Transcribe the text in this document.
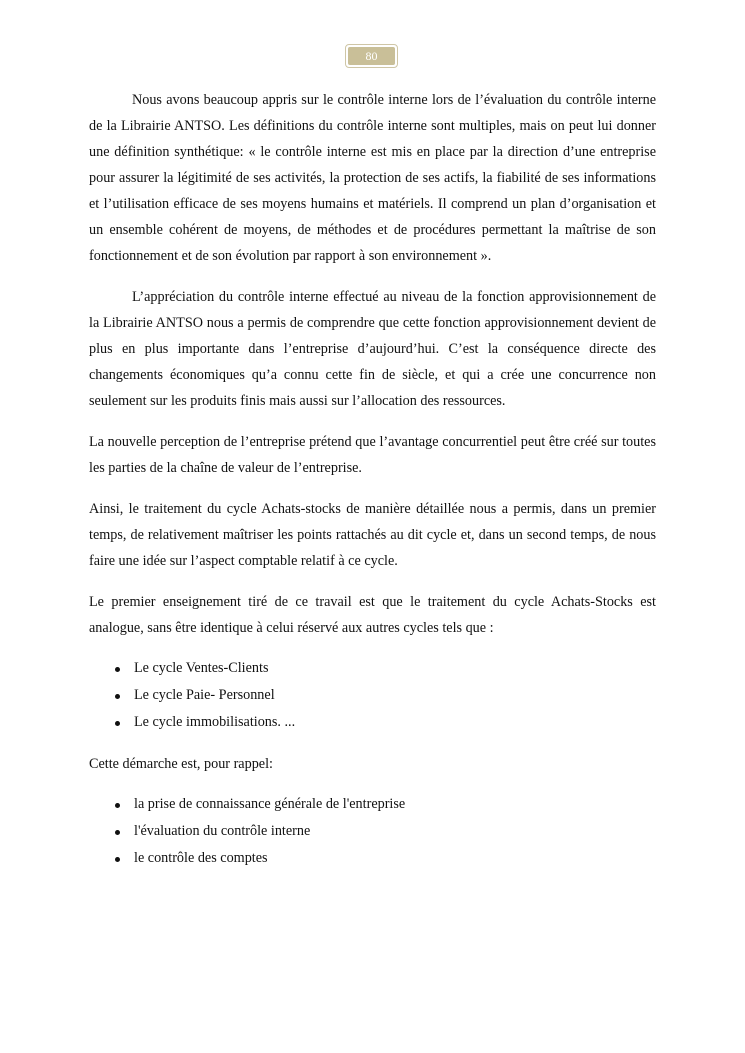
80

Nous avons beaucoup appris sur le contrôle interne lors de l’évaluation du contrôle interne de la Librairie ANTSO. Les définitions du contrôle interne sont multiples, mais on peut lui donner une définition synthétique: « le contrôle interne est mis en place par la direction d’une entreprise pour assurer la légitimité de ses activités, la protection de ses actifs, la fiabilité de ses informations et l’utilisation efficace de ses moyens humains et matériels. Il comprend un plan d’organisation et un ensemble cohérent de moyens, de méthodes et de procédures permettant la maîtrise de son fonctionnement et de son évolution par rapport à son environnement ».

L’appréciation du contrôle interne effectué au niveau de la fonction approvisionnement de la Librairie ANTSO nous a permis de comprendre que cette fonction approvisionnement devient de plus en plus importante dans l’entreprise d’aujourd’hui. C’est la conséquence directe des changements économiques qu’a connu cette fin de siècle, et qui a crée une concurrence non seulement sur les produits finis mais aussi sur l’allocation des ressources.

La nouvelle perception de l’entreprise prétend que l’avantage concurrentiel peut être créé sur toutes les parties de la chaîne de valeur de l’entreprise.

Ainsi, le traitement du cycle Achats-stocks de manière détaillée nous a permis, dans un premier temps, de relativement maîtriser les points rattachés au dit cycle et, dans un second temps, de nous faire une idée sur l’aspect comptable relatif à ce cycle.

Le premier enseignement tiré de ce travail est que le traitement du cycle Achats-Stocks est analogue, sans être identique à celui réservé aux autres cycles tels que :

Le cycle Ventes-Clients
Le cycle Paie- Personnel
Le cycle immobilisations. ...

Cette démarche est, pour rappel:

la prise de connaissance générale de l'entreprise
l'évaluation du contrôle interne
le contrôle des comptes
